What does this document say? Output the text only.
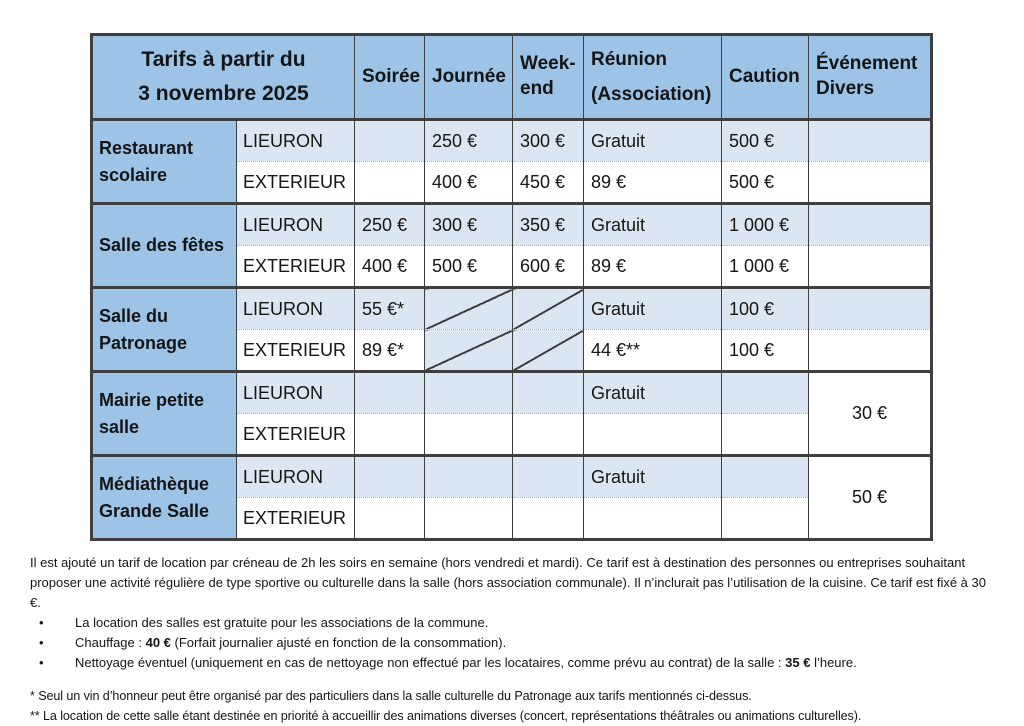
Tarifs à partir du
3 novembre 2025		Soirée	Journée	Week-end	Réunion (Association)	Caution	Événement Divers
Restaurant scolaire	LIEURON		250 €	300 €	Gratuit	500 €	
	EXTERIEUR		400 €	450 €	89 €	500 €	
Salle des fêtes	LIEURON	250 €	300 €	350 €	Gratuit	1 000 €	
	EXTERIEUR	400 €	500 €	600 €	89 €	1 000 €	
Salle du Patronage	LIEURON	55 €*			Gratuit	100 €	
	EXTERIEUR	89 €*			44 €**	100 €	
Mairie petite salle	LIEURON				Gratuit		30 €
	EXTERIEUR						
Médiathèque Grande Salle	LIEURON				Gratuit		50 €
	EXTERIEUR						
Il est ajouté un tarif de location par créneau de 2h les soirs en semaine (hors vendredi et mardi). Ce tarif est à destination des personnes ou entreprises souhaitant proposer une activité régulière de type sportive ou culturelle dans la salle (hors association communale). Il n’inclurait pas l’utilisation de la cuisine. Ce tarif est fixé à 30 €.
•	La location des salles est gratuite pour les associations de la commune.
•	Chauffage : 40 € (Forfait journalier ajusté en fonction de la consommation).
•	Nettoyage éventuel (uniquement en cas de nettoyage non effectué par les locataires, comme prévu au contrat) de la salle : 35 € l’heure.
* Seul un vin d’honneur peut être organisé par des particuliers dans la salle culturelle du Patronage aux tarifs mentionnés ci-dessus.
** La location de cette salle étant destinée en priorité à accueillir des animations diverses (concert, représentations théâtrales ou animations culturelles).
